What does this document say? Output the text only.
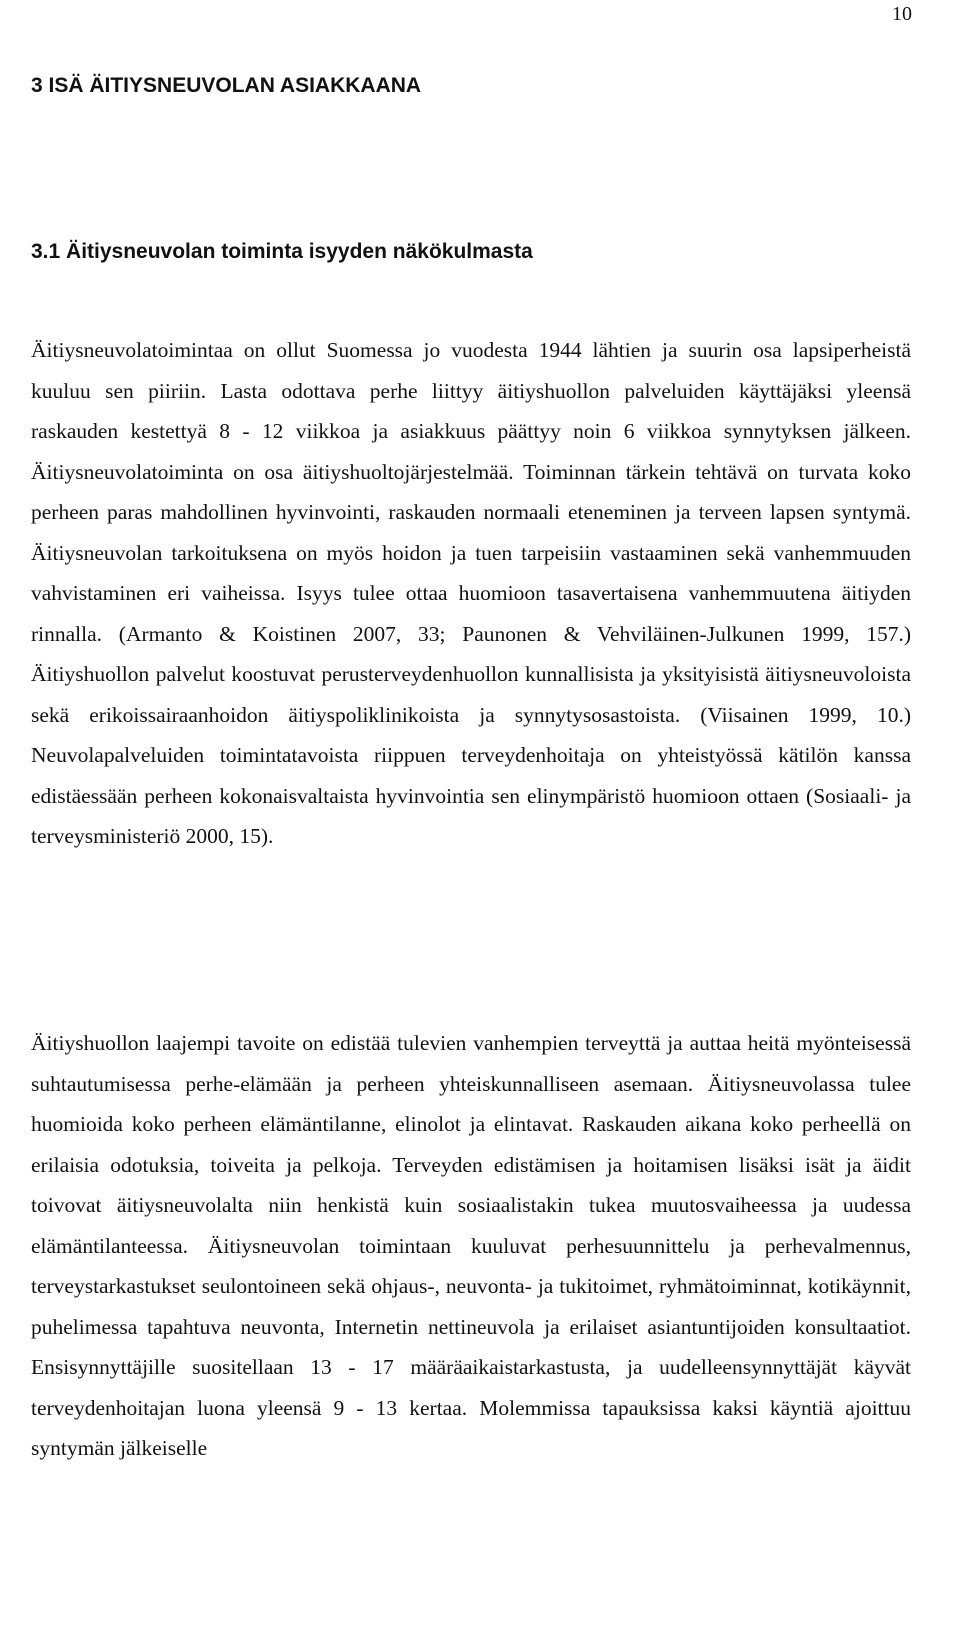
10
3 ISÄ ÄITIYSNEUVOLAN ASIAKKAANA
3.1 Äitiysneuvolan toiminta isyyden näkökulmasta

Äitiysneuvolatoimintaa on ollut Suomessa jo vuodesta 1944 lähtien ja suurin osa lapsiperheistä kuuluu sen piiriin. Lasta odottava perhe liittyy äitiyshuollon palveluiden käyttäjäksi yleensä raskauden kestettyä 8 - 12 viikkoa ja asiakkuus päättyy noin 6 viikkoa synnytyksen jälkeen. Äitiysneuvolatoiminta on osa äitiyshuoltojärjestelmää. Toiminnan tärkein tehtävä on turvata koko perheen paras mahdollinen hyvinvointi, raskauden normaali eteneminen ja terveen lapsen syntymä. Äitiysneuvolan tarkoituksena on myös hoidon ja tuen tarpeisiin vastaaminen sekä vanhemmuuden vahvistaminen eri vaiheissa. Isyys tulee ottaa huomioon tasavertaisena vanhemmuutena äitiyden rinnalla. (Armanto & Koistinen 2007, 33; Paunonen & Vehviläinen-Julkunen 1999, 157.) Äitiyshuollon palvelut koostuvat perusterveydenhuollon kunnallisista ja yksityisistä äitiysneuvoloista sekä erikoissairaanhoidon äitiyspoliklinikoista ja synnytysosastoista. (Viisainen 1999, 10.) Neuvolapalveluiden toimintatavoista riippuen terveydenhoitaja on yhteistyössä kätilön kanssa edistäessään perheen kokonaisvaltaista hyvinvointia sen elinympäristö huomioon ottaen (Sosiaali- ja terveysministeriö 2000, 15).

Äitiyshuollon laajempi tavoite on edistää tulevien vanhempien terveyttä ja auttaa heitä myönteisessä suhtautumisessa perhe-elämään ja perheen yhteiskunnalliseen asemaan. Äitiysneuvolassa tulee huomioida koko perheen elämäntilanne, elinolot ja elintavat. Raskauden aikana koko perheellä on erilaisia odotuksia, toiveita ja pelkoja. Terveyden edistämisen ja hoitamisen lisäksi isät ja äidit toivovat äitiysneuvolalta niin henkistä kuin sosiaalistakin tukea muutosvaiheessa ja uudessa elämäntilanteessa. Äitiysneuvolan toimintaan kuuluvat perhesuunnittelu ja perhevalmennus, terveystarkastukset seulontoineen sekä ohjaus-, neuvonta- ja tukitoimet, ryhmätoiminnat, kotikäynnit, puhelimessa tapahtuva neuvonta, Internetin nettineuvola ja erilaiset asiantuntijoiden konsultaatiot. Ensisynnyttäjille suositellaan 13 - 17 määräaikaistarkastusta, ja uudelleensynnyttäjät käyvät terveydenhoitajan luona yleensä 9 - 13 kertaa. Molemmissa tapauksissa kaksi käyntiä ajoittuu syntymän jälkeiselle
